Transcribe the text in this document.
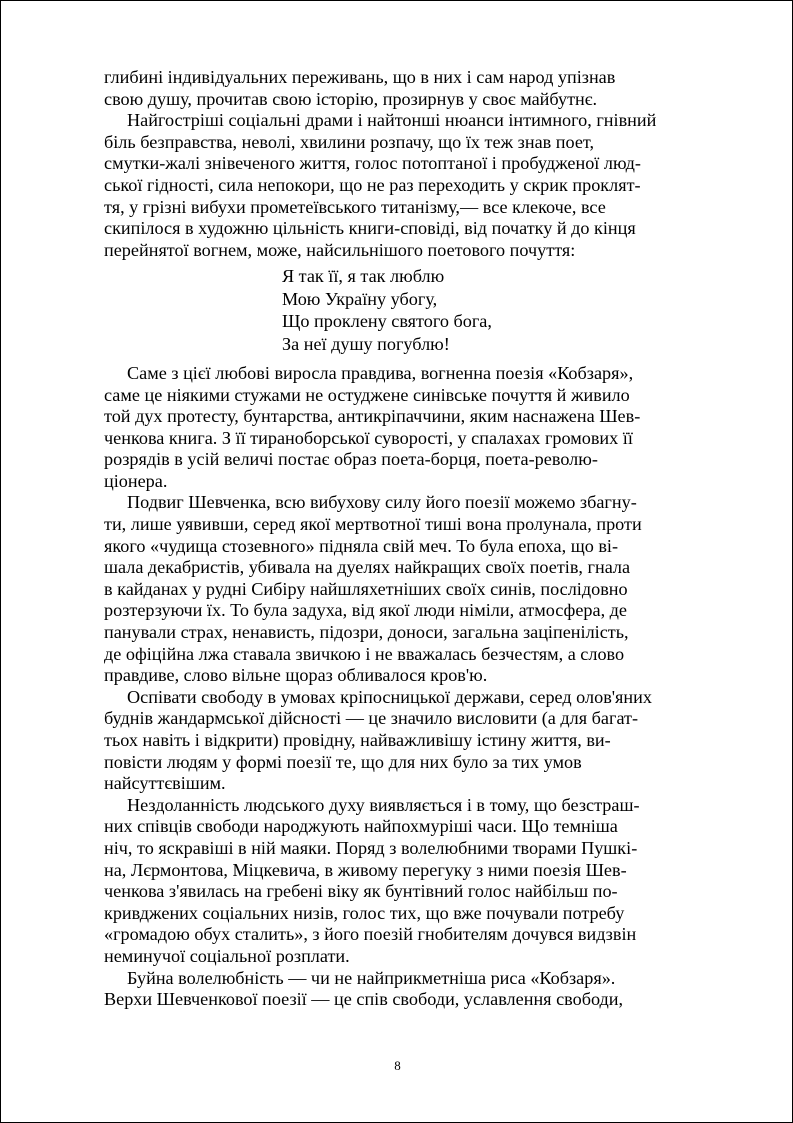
глибині індивідуальних переживань, що в них і сам народ упізнав
свою душу, прочитав свою історію, прозирнув у своє майбутнє.
Найгостріші соціальні драми і найтонші нюанси інтимного, гнівний
біль безправства, неволі, хвилини розпачу, що їх теж знав поет,
смутки-жалі знівеченого життя, голос потоптаної і пробудженої люд-
ської гідності, сила непокори, що не раз переходить у скрик проклят-
тя, у грізні вибухи прометеївського титанізму,— все клекоче, все
скипілося в художню цільність книги-сповіді, від початку й до кінця
перейнятої вогнем, може, найсильнішого поетового почуття:
Я так її, я так люблю
Мою Україну убогу,
Що проклену святого бога,
За неї душу погублю!
Саме з цієї любові виросла правдива, вогненна поезія «Кобзаря»,
саме це ніякими стужами не остуджене синівське почуття й живило
той дух протесту, бунтарства, антикріпаччини, яким наснажена Шев-
ченкова книга. З її тираноборської суворості, у спалахах громових її
розрядів в усій величі постає образ поета-борця, поета-револю-
ціонера.
Подвиг Шевченка, всю вибухову силу його поезії можемо збагну-
ти, лише уявивши, серед якої мертвотної тиші вона пролунала, проти
якого «чудища стозевного» підняла свій меч. То була епоха, що ві-
шала декабристів, убивала на дуелях найкращих своїх поетів, гнала
в кайданах у рудні Сибіру найшляхетніших своїх синів, послідовно
розтерзуючи їх. То була задуха, від якої люди німіли, атмосфера, де
панували страх, ненависть, підозри, доноси, загальна заціпенілість,
де офіційна лжа ставала звичкою і не вважалась безчестям, а слово
правдиве, слово вільне щораз обливалося кров'ю.
Оспівати свободу в умовах кріпосницької держави, серед олов'яних
буднів жандармської дійсності — це значило висловити (а для багат-
тьох навіть і відкрити) провідну, найважливішу істину життя, ви-
повісти людям у формі поезії те, що для них було за тих умов
найсуттєвішим.
Нездоланність людського духу виявляється і в тому, що безстраш-
них співців свободи народжують найпохмуріші часи. Що темніша
ніч, то яскравіші в ній маяки. Поряд з волелюбними творами Пушкі-
на, Лєрмонтова, Міцкевича, в живому перегуку з ними поезія Шев-
ченкова з'явилась на гребені віку як бунтівний голос найбільш по-
кривджених соціальних низів, голос тих, що вже почували потребу
«громадою обух сталить», з його поезій гнобителям дочувся видзвін
неминучої соціальної розплати.
Буйна волелюбність — чи не найприкметніша риса «Кобзаря».
Верхи Шевченкової поезії — це спів свободи, уславлення свободи,
8
